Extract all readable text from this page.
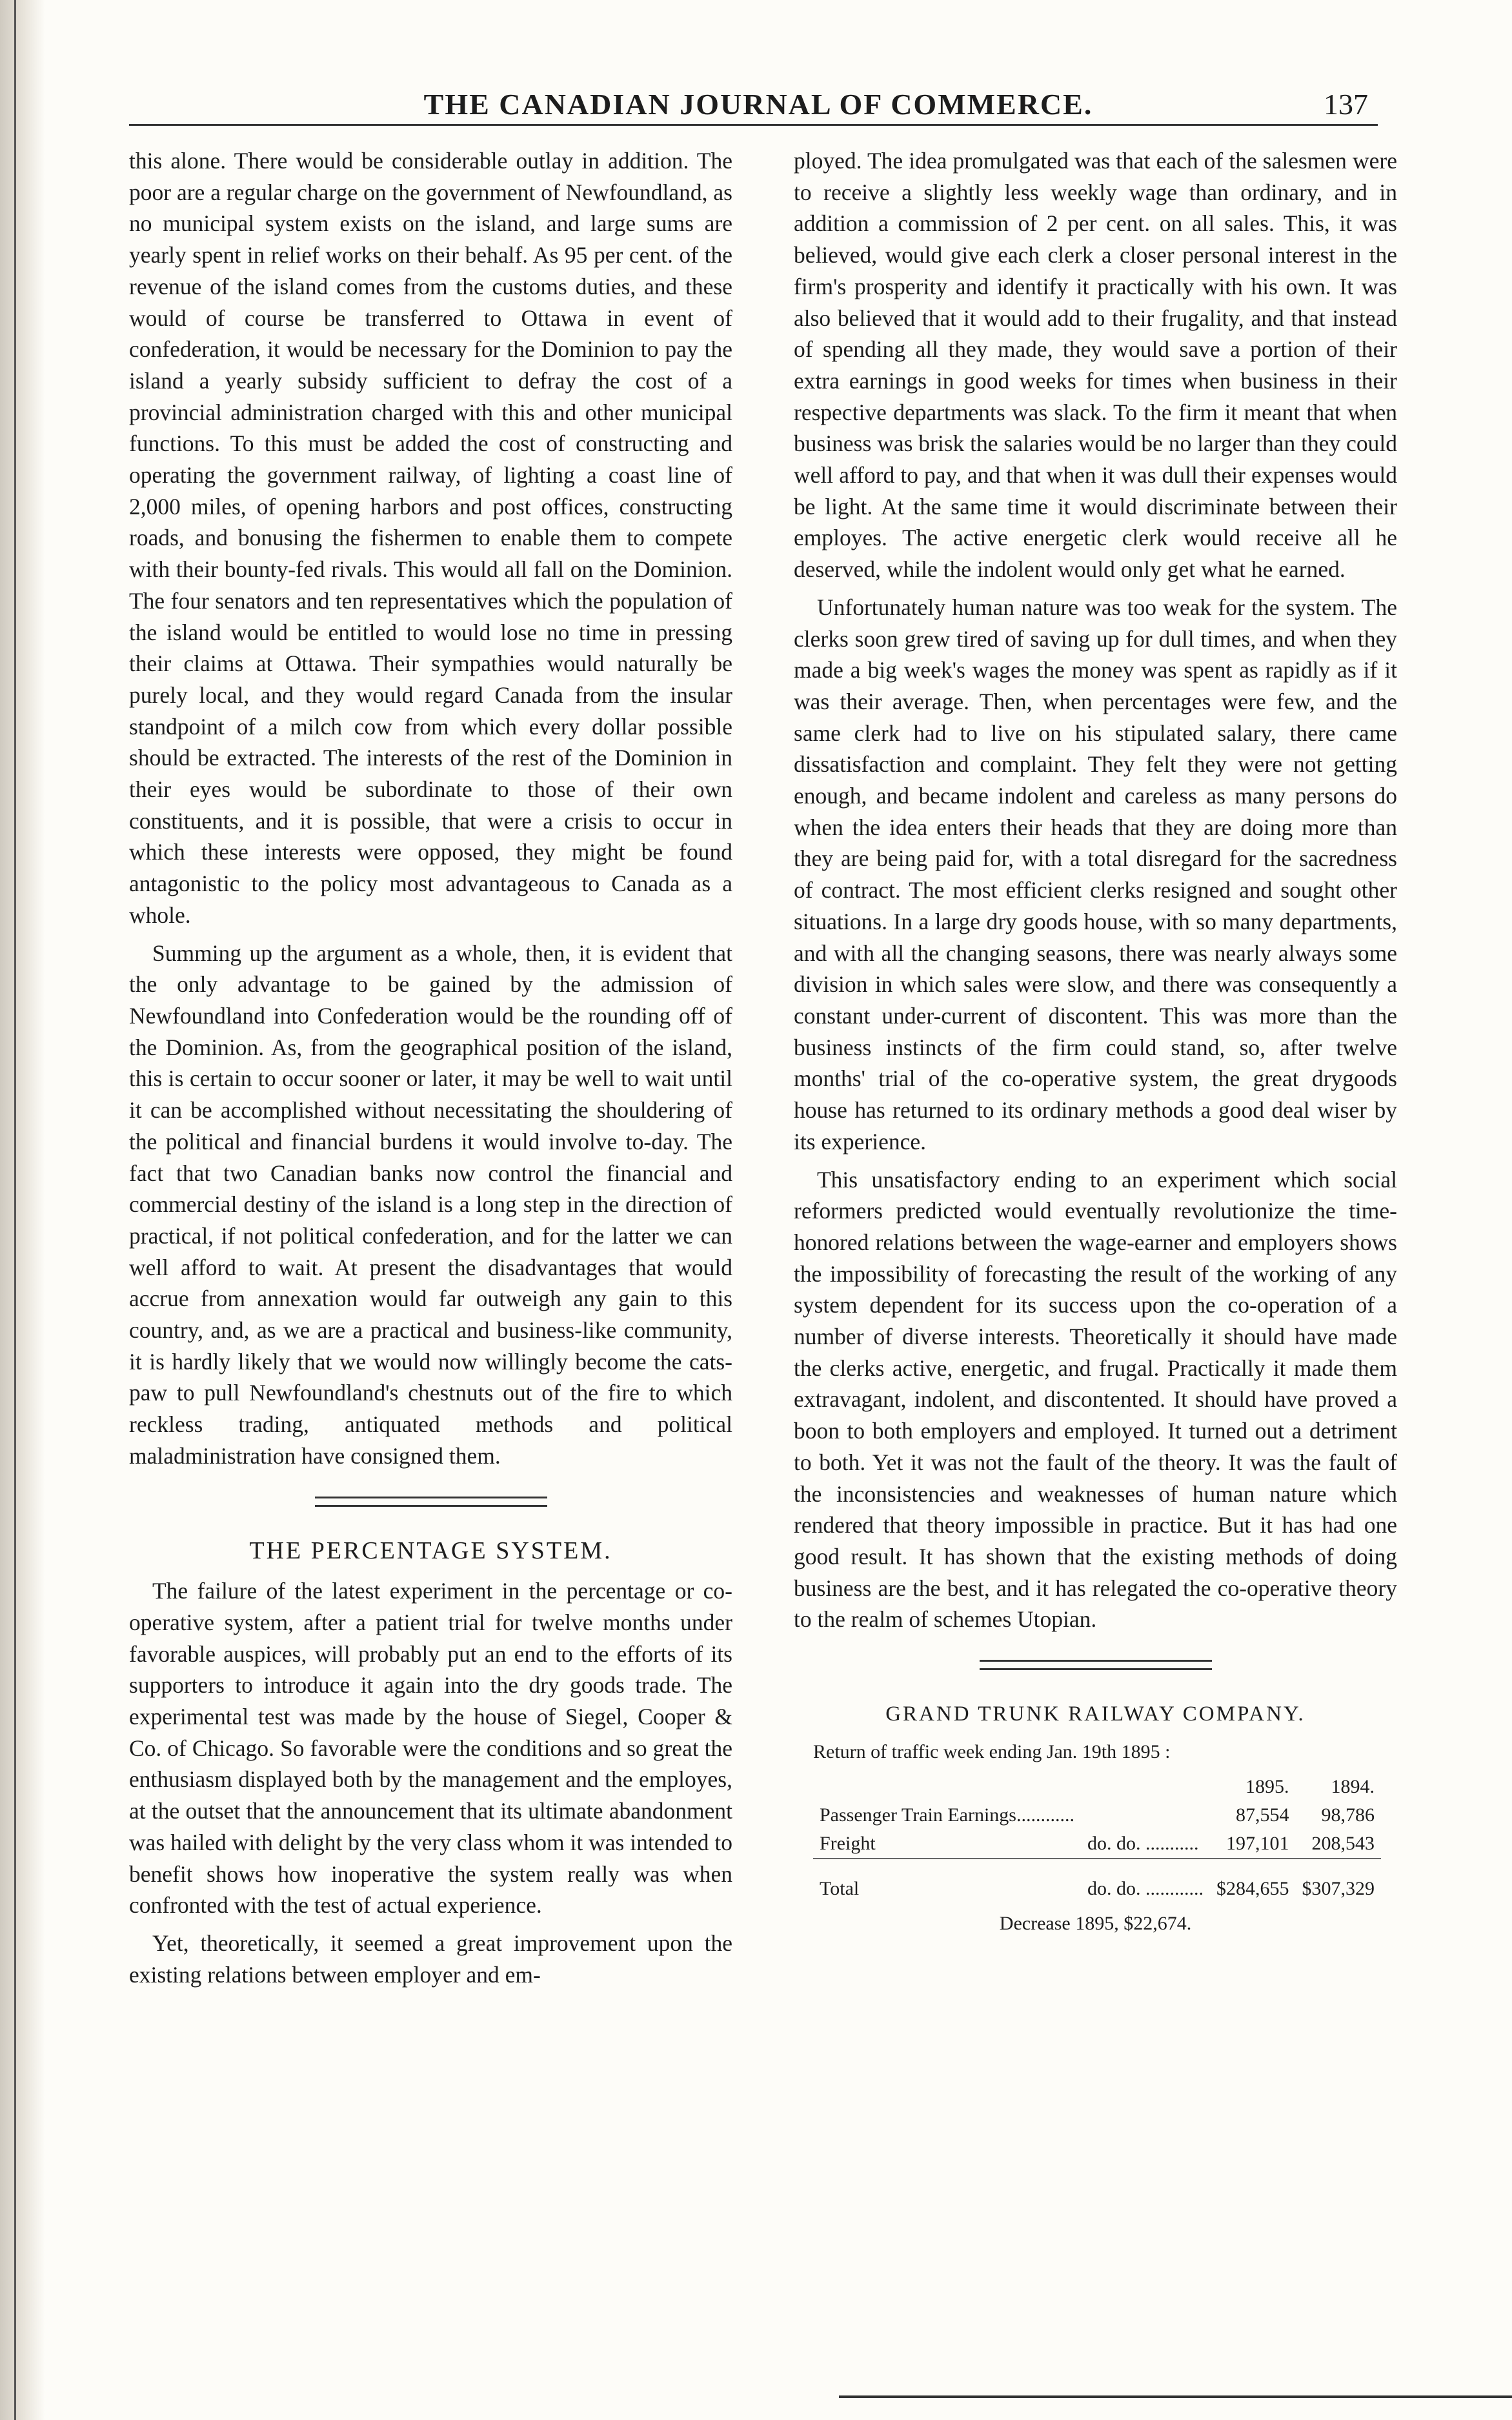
THE CANADIAN JOURNAL OF COMMERCE.	137

this alone. There would be considerable outlay in addition. The poor are a regular charge on the government of Newfoundland, as no municipal system exists on the island, and large sums are yearly spent in relief works on their behalf. As 95 per cent. of the revenue of the island comes from the customs duties, and these would of course be transferred to Ottawa in event of confederation, it would be necessary for the Dominion to pay the island a yearly subsidy sufficient to defray the cost of a provincial administration charged with this and other municipal functions. To this must be added the cost of constructing and operating the government railway, of lighting a coast line of 2,000 miles, of opening harbors and post offices, constructing roads, and bonusing the fishermen to enable them to compete with their bounty-fed rivals. This would all fall on the Dominion. The four senators and ten representatives which the population of the island would be entitled to would lose no time in pressing their claims at Ottawa. Their sympathies would naturally be purely local, and they would regard Canada from the insular standpoint of a milch cow from which every dollar possible should be extracted. The interests of the rest of the Dominion in their eyes would be subordinate to those of their own constituents, and it is possible, that were a crisis to occur in which these interests were opposed, they might be found antagonistic to the policy most advantageous to Canada as a whole.

Summing up the argument as a whole, then, it is evident that the only advantage to be gained by the admission of Newfoundland into Confederation would be the rounding off of the Dominion. As, from the geographical position of the island, this is certain to occur sooner or later, it may be well to wait until it can be accomplished without necessitating the shouldering of the political and financial burdens it would involve to-day. The fact that two Canadian banks now control the financial and commercial destiny of the island is a long step in the direction of practical, if not political confederation, and for the latter we can well afford to wait. At present the disadvantages that would accrue from annexation would far outweigh any gain to this country, and, as we are a practical and business-like community, it is hardly likely that we would now willingly become the cats-paw to pull Newfoundland's chestnuts out of the fire to which reckless trading, antiquated methods and political maladministration have consigned them.

THE PERCENTAGE SYSTEM.

The failure of the latest experiment in the percentage or co-operative system, after a patient trial for twelve months under favorable auspices, will probably put an end to the efforts of its supporters to introduce it again into the dry goods trade. The experimental test was made by the house of Siegel, Cooper & Co. of Chicago. So favorable were the conditions and so great the enthusiasm displayed both by the management and the employes, at the outset that the announcement that its ultimate abandonment was hailed with delight by the very class whom it was intended to benefit shows how inoperative the system really was when confronted with the test of actual experience.

Yet, theoretically, it seemed a great improvement upon the existing relations between employer and em-

ployed. The idea promulgated was that each of the salesmen were to receive a slightly less weekly wage than ordinary, and in addition a commission of 2 per cent. on all sales. This, it was believed, would give each clerk a closer personal interest in the firm's prosperity and identify it practically with his own. It was also believed that it would add to their frugality, and that instead of spending all they made, they would save a portion of their extra earnings in good weeks for times when business in their respective departments was slack. To the firm it meant that when business was brisk the salaries would be no larger than they could well afford to pay, and that when it was dull their expenses would be light. At the same time it would discriminate between their employes. The active energetic clerk would receive all he deserved, while the indolent would only get what he earned.

Unfortunately human nature was too weak for the system. The clerks soon grew tired of saving up for dull times, and when they made a big week's wages the money was spent as rapidly as if it was their average. Then, when percentages were few, and the same clerk had to live on his stipulated salary, there came dissatisfaction and complaint. They felt they were not getting enough, and became indolent and careless as many persons do when the idea enters their heads that they are doing more than they are being paid for, with a total disregard for the sacredness of contract. The most efficient clerks resigned and sought other situations. In a large dry goods house, with so many departments, and with all the changing seasons, there was nearly always some division in which sales were slow, and there was consequently a constant under-current of discontent. This was more than the business instincts of the firm could stand, so, after twelve months' trial of the co-operative system, the great drygoods house has returned to its ordinary methods a good deal wiser by its experience.

This unsatisfactory ending to an experiment which social reformers predicted would eventually revolutionize the time-honored relations between the wage-earner and employers shows the impossibility of forecasting the result of the working of any system dependent for its success upon the co-operation of a number of diverse interests. Theoretically it should have made the clerks active, energetic, and frugal. Practically it made them extravagant, indolent, and discontented. It should have proved a boon to both employers and employed. It turned out a detriment to both. Yet it was not the fault of the theory. It was the fault of the inconsistencies and weaknesses of human nature which rendered that theory impossible in practice. But it has had one good result. It has shown that the existing methods of doing business are the best, and it has relegated the co-operative theory to the realm of schemes Utopian.

GRAND TRUNK RAILWAY COMPANY.
Return of traffic week ending Jan. 19th 1895 :
		1895.	1894.
Passenger Train Earnings............		87,554	98,786
Freight	do. do. ...........	197,101	208,543
Total	do. do. ............	$284,655	$307,329
Decrease 1895, $22,674.
